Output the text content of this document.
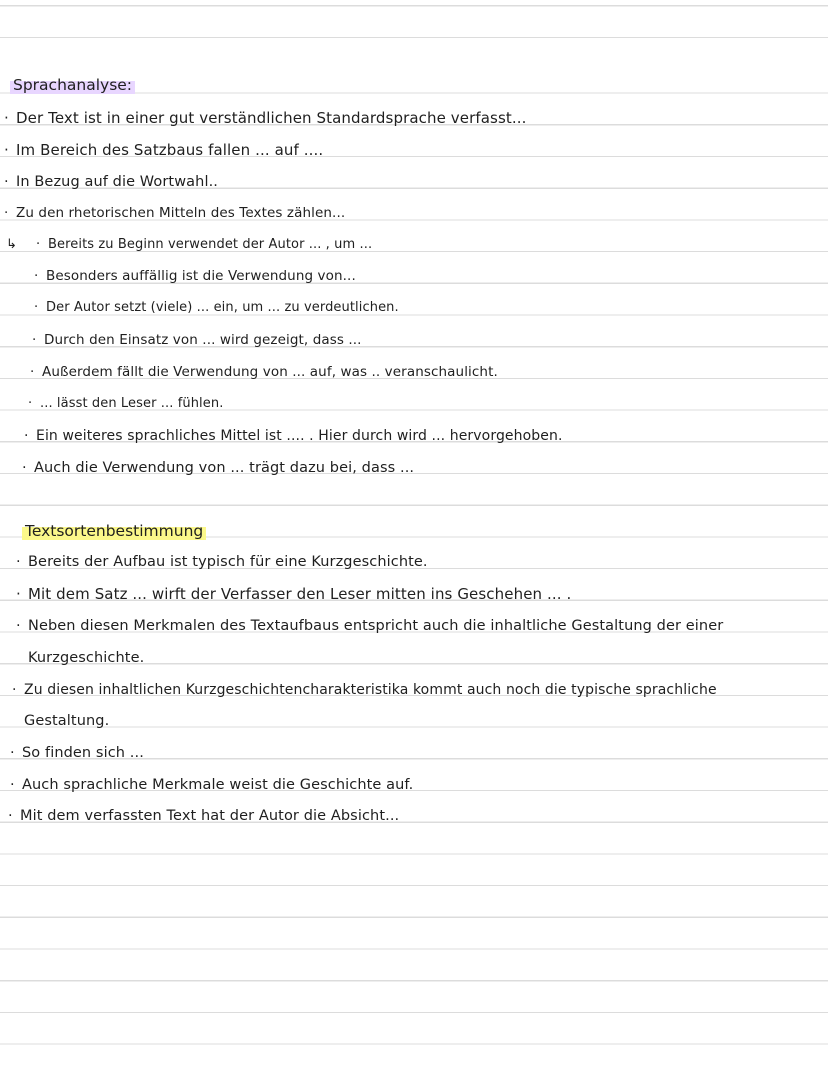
Sprachanalyse:
· Der Text ist in einer gut verständlichen Standardsprache verfasst...
· Im Bereich des Satzbaus fallen ... auf ....
· In Bezug auf die Wortwahl..
· Zu den rhetorischen Mitteln des Textes zählen...
↳ · Bereits zu Beginn verwendet der Autor ... , um ...
· Besonders auffällig ist die Verwendung von...
· Der Autor setzt (viele) ... ein, um ... zu verdeutlichen.
· Durch den Einsatz von ... wird gezeigt, dass ...
· Außerdem fällt die Verwendung von ... auf, was .. veranschaulicht.
· ... lässt den Leser ... fühlen.
· Ein weiteres sprachliches Mittel ist .... . Hier durch wird ... hervorgehoben.
· Auch die Verwendung von ... trägt dazu bei, dass ...
Textsortenbestimmung
· Bereits der Aufbau ist typisch für eine Kurzgeschichte.
· Mit dem Satz ... wirft der Verfasser den Leser mitten ins Geschehen ... .
· Neben diesen Merkmalen des Textaufbaus entspricht auch die inhaltliche Gestaltung der einer
Kurzgeschichte.
· Zu diesen inhaltlichen Kurzgeschichtencharakteristika kommt auch noch die typische sprachliche
Gestaltung.
· So finden sich ...
· Auch sprachliche Merkmale weist die Geschichte auf.
· Mit dem verfassten Text hat der Autor die Absicht...
